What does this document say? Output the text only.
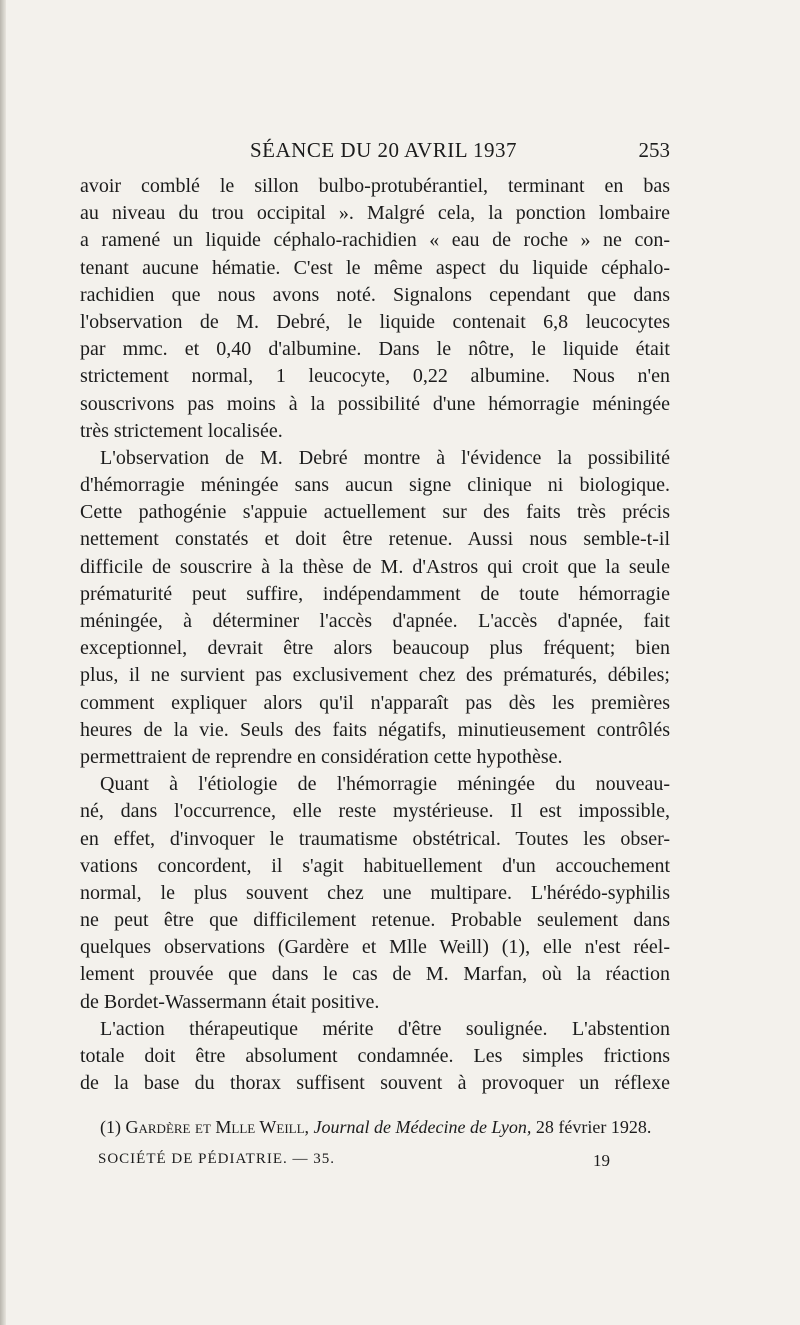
SÉANCE DU 20 AVRIL 1937	253
avoir comblé le sillon bulbo-protubérantiel, terminant en bas
au niveau du trou occipital ». Malgré cela, la ponction lombaire
a ramené un liquide céphalo-rachidien « eau de roche » ne con-
tenant aucune hématie. C'est le même aspect du liquide céphalo-
rachidien que nous avons noté. Signalons cependant que dans
l'observation de M. Debré, le liquide contenait 6,8 leucocytes
par mmc. et 0,40 d'albumine. Dans le nôtre, le liquide était
strictement normal, 1 leucocyte, 0,22 albumine. Nous n'en
souscrivons pas moins à la possibilité d'une hémorragie méningée
très strictement localisée.
L'observation de M. Debré montre à l'évidence la possibilité
d'hémorragie méningée sans aucun signe clinique ni biologique.
Cette pathogénie s'appuie actuellement sur des faits très précis
nettement constatés et doit être retenue. Aussi nous semble-t-il
difficile de souscrire à la thèse de M. d'Astros qui croit que la seule
prématurité peut suffire, indépendamment de toute hémorragie
méningée, à déterminer l'accès d'apnée. L'accès d'apnée, fait
exceptionnel, devrait être alors beaucoup plus fréquent; bien
plus, il ne survient pas exclusivement chez des prématurés, débiles;
comment expliquer alors qu'il n'apparaît pas dès les premières
heures de la vie. Seuls des faits négatifs, minutieusement contrôlés
permettraient de reprendre en considération cette hypothèse.
Quant à l'étiologie de l'hémorragie méningée du nouveau-
né, dans l'occurrence, elle reste mystérieuse. Il est impossible,
en effet, d'invoquer le traumatisme obstétrical. Toutes les obser-
vations concordent, il s'agit habituellement d'un accouchement
normal, le plus souvent chez une multipare. L'hérédo-syphilis
ne peut être que difficilement retenue. Probable seulement dans
quelques observations (Gardère et Mlle Weill) (1), elle n'est réel-
lement prouvée que dans le cas de M. Marfan, où la réaction
de Bordet-Wassermann était positive.
L'action thérapeutique mérite d'être soulignée. L'abstention
totale doit être absolument condamnée. Les simples frictions
de la base du thorax suffisent souvent à provoquer un réflexe
(1) Gardère et Mlle Weill, Journal de Médecine de Lyon, 28 février 1928.
SOCIÉTÉ DE PÉDIATRIE. — 35.	19
